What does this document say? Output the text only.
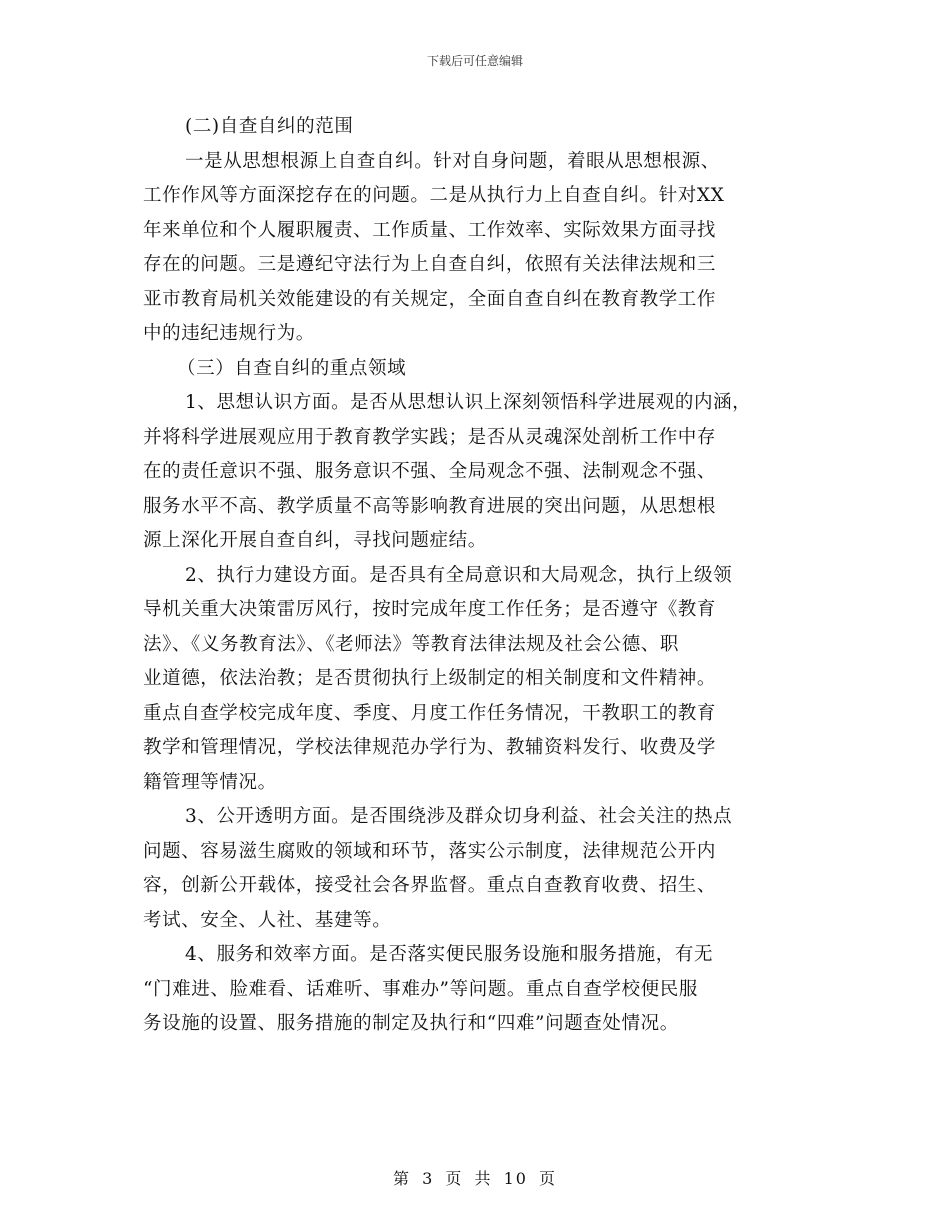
下载后可任意编辑
(二)自查自纠的范围
一是从思想根源上自查自纠。针对自身问题，着眼从思想根源、
工作作风等方面深挖存在的问题。二是从执行力上自查自纠。针对XX
年来单位和个人履职履责、工作质量、工作效率、实际效果方面寻找
存在的问题。三是遵纪守法行为上自查自纠，依照有关法律法规和三
亚市教育局机关效能建设的有关规定，全面自查自纠在教育教学工作
中的违纪违规行为。
（三）自查自纠的重点领域
1、思想认识方面。是否从思想认识上深刻领悟科学进展观的内涵，
并将科学进展观应用于教育教学实践；是否从灵魂深处剖析工作中存
在的责任意识不强、服务意识不强、全局观念不强、法制观念不强、
服务水平不高、教学质量不高等影响教育进展的突出问题，从思想根
源上深化开展自查自纠，寻找问题症结。
2、执行力建设方面。是否具有全局意识和大局观念，执行上级领
导机关重大决策雷厉风行，按时完成年度工作任务；是否遵守《教育
法》、《义务教育法》、《老师法》等教育法律法规及社会公德、职
业道德，依法治教；是否贯彻执行上级制定的相关制度和文件精神。
重点自查学校完成年度、季度、月度工作任务情况，干教职工的教育
教学和管理情况，学校法律规范办学行为、教辅资料发行、收费及学
籍管理等情况。
3、公开透明方面。是否围绕涉及群众切身利益、社会关注的热点
问题、容易滋生腐败的领域和环节，落实公示制度，法律规范公开内
容，创新公开载体，接受社会各界监督。重点自查教育收费、招生、
考试、安全、人社、基建等。
4、服务和效率方面。是否落实便民服务设施和服务措施，有无
“门难进、脸难看、话难听、事难办”等问题。重点自查学校便民服
务设施的设置、服务措施的制定及执行和“四难”问题查处情况。
第 3 页 共 10 页
